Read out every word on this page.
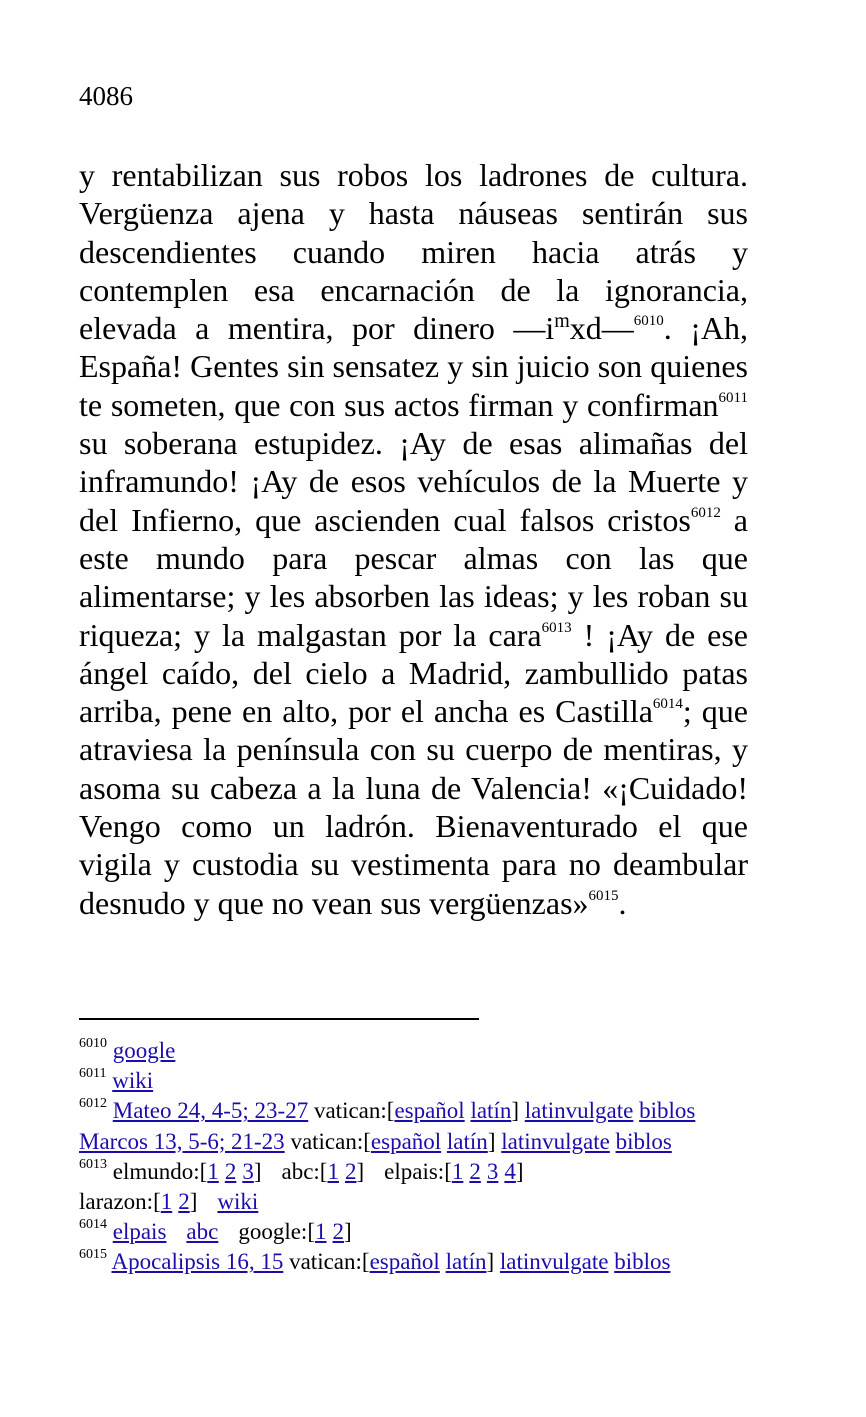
4086

y rentabilizan sus robos los ladrones de cultura. Vergüenza ajena y hasta náuseas sentirán sus descendientes cuando miren hacia atrás y contemplen esa encarnación de la ignorancia, elevada a mentira, por dinero $—i^mxd—^{6010}$. ¡Ah, España! Gentes sin sensatez y sin juicio son quienes te someten, que con sus actos firman y confirman$^{6011}$ su soberana estupidez. ¡Ay de esas alimañas del inframundo! ¡Ay de esos vehículos de la Muerte y del Infierno, que ascienden cual falsos cristos$^{6012}$ a este mundo para pescar almas con las que alimentarse; y les absorben las ideas; y les roban su riqueza; y la malgastan por la cara$^{6013}$ ! ¡Ay de ese ángel caído, del cielo a Madrid, zambullido patas arriba, pene en alto, por el ancha es Castilla$^{6014}$; que atraviesa la península con su cuerpo de mentiras, y asoma su cabeza a la luna de Valencia! «¡Cuidado! Vengo como un ladrón. Bienaventurado el que vigila y custodia su vestimenta para no deambular desnudo y que no vean sus vergüenzas»$^{6015}$.

$^{6010}$ google

$^{6011}$ wiki

$^{6012}$ Mateo 24, 4-5; 23-27 vatican:[español latín] latinvulgate biblos

Marcos 13, 5-6; 21-23 vatican:[español latín] latinvulgate biblos

$^{6013}$ elmundo:[1 2 3] abc:[1 2] elpais:[1 2 3 4]

larazon:[1 2] wiki

$^{6014}$ elpais abc google:[1 2]

$^{6015}$ Apocalipsis 16, 15 vatican:[español latín] latinvulgate biblos
